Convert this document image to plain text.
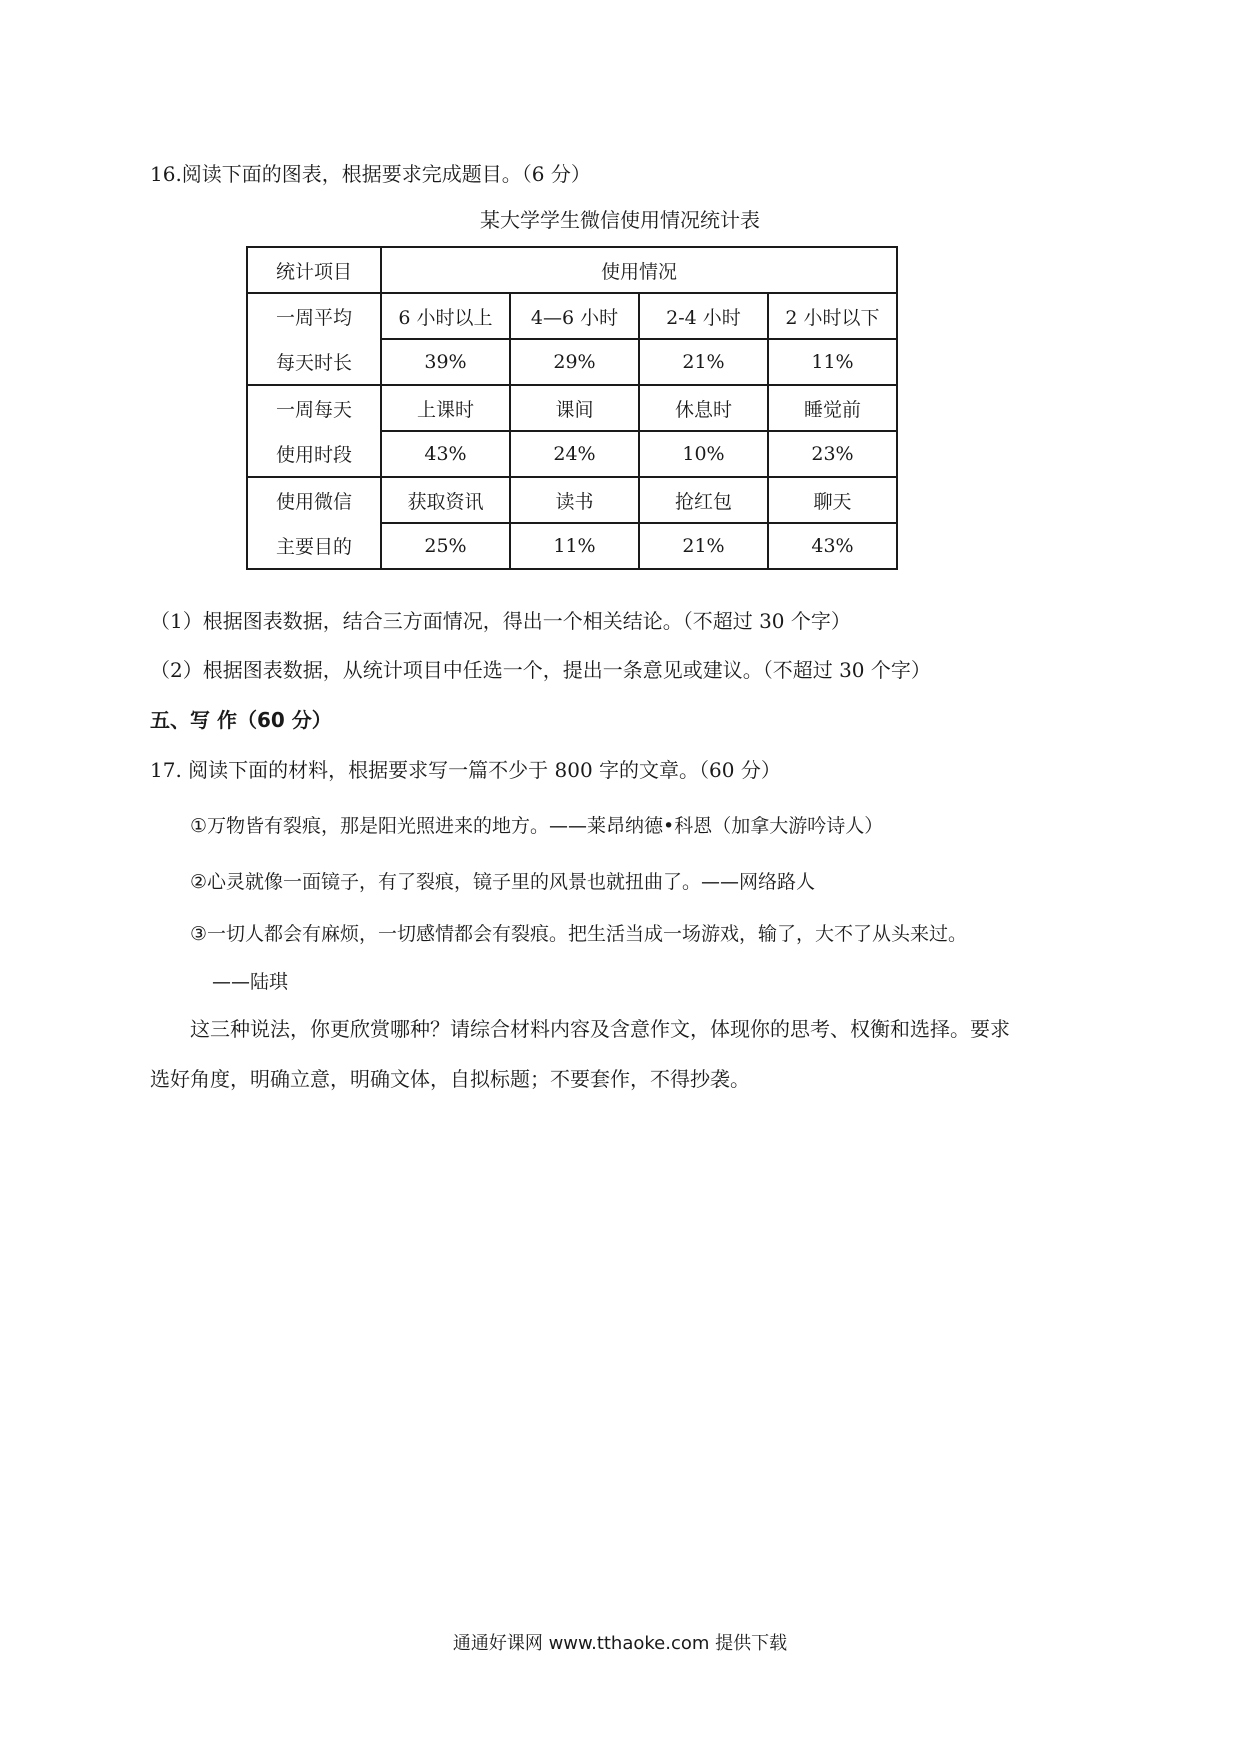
16.阅读下面的图表，根据要求完成题目。（6 分）
某大学学生微信使用情况统计表
统计项目	使用情况			
一周平均	6 小时以上	4—6 小时	2-4 小时	2 小时以下
每天时长	39%	29%	21%	11%
一周每天	上课时	课间	休息时	睡觉前
使用时段	43%	24%	10%	23%
使用微信	获取资讯	读书	抢红包	聊天
主要目的	25%	11%	21%	43%
（1）根据图表数据，结合三方面情况，得出一个相关结论。（不超过 30 个字）
（2）根据图表数据，从统计项目中任选一个，提出一条意见或建议。（不超过 30 个字）
五、写 作（60 分）
17. 阅读下面的材料，根据要求写一篇不少于 800 字的文章。（60 分）
①万物皆有裂痕，那是阳光照进来的地方。——莱昂纳德•科恩（加拿大游吟诗人）
②心灵就像一面镜子，有了裂痕，镜子里的风景也就扭曲了。——网络路人
③一切人都会有麻烦，一切感情都会有裂痕。把生活当成一场游戏，输了，大不了从头来过。
——陆琪
这三种说法，你更欣赏哪种？请综合材料内容及含意作文，体现你的思考、权衡和选择。要求
选好角度，明确立意，明确文体，自拟标题；不要套作，不得抄袭。
通通好课网 www.tthaoke.com 提供下载
